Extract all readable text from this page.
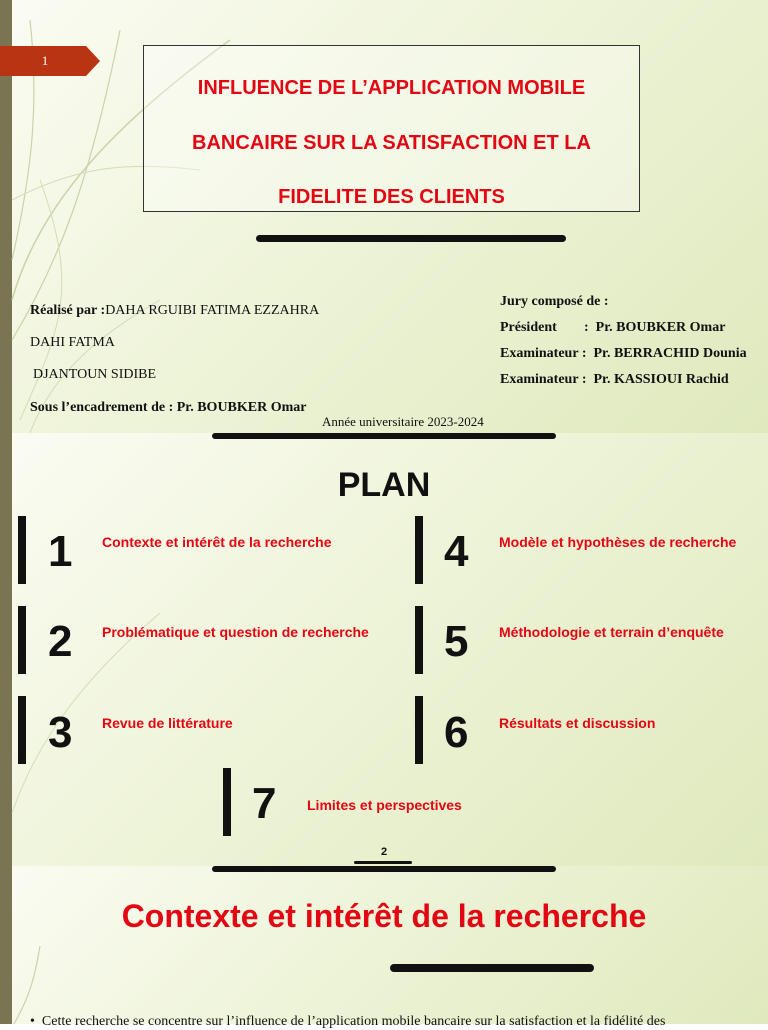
1
INFLUENCE DE L’APPLICATION MOBILE
BANCAIRE SUR LA SATISFACTION ET LA
FIDELITE DES CLIENTS
Réalisé par :DAHA RGUIBI FATIMA EZZAHRA
DAHI FATMA
DJANTOUN SIDIBE
Sous l’encadrement de : Pr. BOUBKER Omar
Jury composé de :
Président : Pr. BOUBKER Omar
Examinateur : Pr. BERRACHID Dounia
Examinateur : Pr. KASSIOUI Rachid
Année universitaire 2023-2024
PLAN
1 Contexte et intérêt de la recherche
2 Problématique et question de recherche
3 Revue de littérature
4 Modèle et hypothèses de recherche
5 Méthodologie et terrain d’enquête
6 Résultats et discussion
7 Limites et perspectives
2
Contexte et intérêt de la recherche
• Cette recherche se concentre sur l’influence de l’application mobile bancaire sur la satisfaction et la fidélité des
